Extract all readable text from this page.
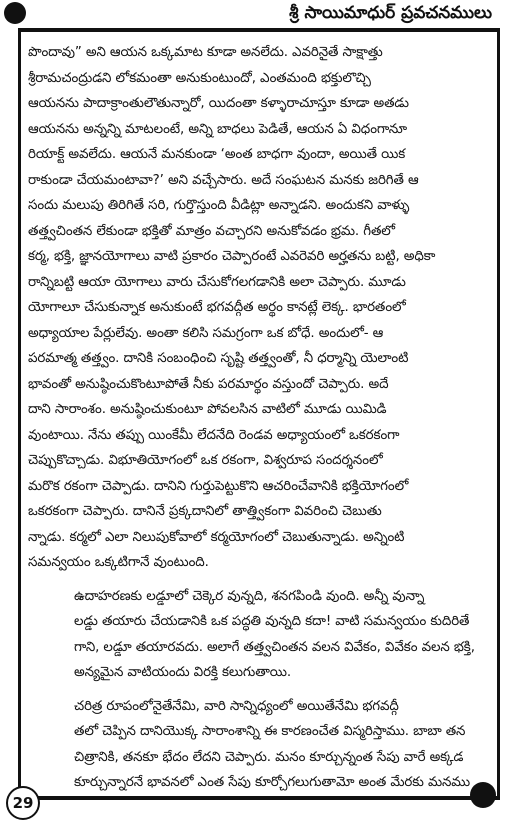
శ్రీ సాయిమాధుర్ ప్రవచనములు

పొందావు” అని ఆయన ఒక్కమాట కూడా అనలేదు. ఎవరినైతే సాక్షాత్తు
శ్రీరామచంద్రుడని లోకమంతా అనుకుంటుందో, ఎంతమంది భక్తులొచ్చి
ఆయనను పాదాక్రాంతులౌతున్నారో, యిదంతా కళ్ళారాచూస్తూ కూడా అతడు
ఆయనను అన్నన్ని మాటలంటే, అన్ని బాధలు పెడితే, ఆయన ఏ విధంగానూ
రియాక్ట్ అవలేదు. ఆయనే మనకుండా ‘అంత బాధగా వుందా, అయితే యిక
రాకుండా చేయమంటావా?’ అని వచ్చేసారు. అదే సంఘటన మనకు జరిగితే ఆ
సందు మలుపు తిరిగితే సరి, గుర్తొస్తుంది వీడిట్లా అన్నాడని. అందుకని వాళ్ళు
తత్త్వచింతన లేకుండా భక్తితో మాత్రం వచ్చారని అనుకోవడం భ్రమ. గీతలో
కర్మ, భక్తి, జ్ఞానయోగాలు వాటి ప్రకారం చెప్పారంటే ఎవరెవరి అర్హతను బట్టి, అధికా
రాన్నిబట్టి ఆయా యోగాలు వారు చేసుకోగలగడానికి అలా చెప్పారు. మూడు
యోగాలూ చేసుకున్నాక అనుకుంటే భగవద్గీత అర్థం కానట్లే లెక్క. భారతంలో
అధ్యాయాల పేర్లులేవు. అంతా కలిసి సమగ్రంగా ఒక బోధే. అందులో- ఆ
పరమాత్మ తత్త్వం. దానికి సంబంధించి సృష్టి తత్త్వంతో, నీ ధర్మాన్ని యెలాంటి
భావంతో అనుష్ఠించుకొంటూపోతే నీకు పరమార్థం వస్తుందో చెప్పారు. అదే
దాని సారాంశం. అనుష్ఠించుకుంటూ పోవలసిన వాటిలో మూడు యిమిడి
వుంటాయి. నేను తప్పు యింకేమీ లేదనేది రెండవ అధ్యాయంలో ఒకరకంగా
చెప్పుకొచ్చాడు. విభూతియోగంలో ఒక రకంగా, విశ్వరూప సందర్శనంలో
మరొక రకంగా చెప్పాడు. దానిని గుర్తుపెట్టుకొని ఆచరించేవానికి భక్తియోగంలో
ఒకరకంగా చెప్పారు. దానినే ప్రక్కదానిలో తాత్త్వికంగా వివరించి చెబుతు
న్నాడు. కర్మలో ఎలా నిలుపుకోవాలో కర్మయోగంలో చెబుతున్నాడు. అన్నింటి
సమన్వయం ఒక్కటిగానే వుంటుంది.

ఉదాహరణకు లడ్డూలో చెక్కెర వున్నది, శనగపిండి వుంది. అన్నీ వున్నా
లడ్డు తయారు చేయడానికి ఒక పద్ధతి వున్నది కదా! వాటి సమన్వయం కుదిరితే
గాని, లడ్డూ తయారవదు. అలాగే తత్త్వచింతన వలన వివేకం, వివేకం వలన భక్తి,
అన్యమైన వాటియందు విరక్తి కలుగుతాయి.

చరిత్ర రూపంలోనైతేనేమి, వారి సాన్నిధ్యంలో అయితేనేమి భగవద్గీ
తలో చెప్పిన దానియొక్క సారాంశాన్ని ఈ కారణంచేత విస్మరిస్తాము. బాబా తన
చిత్రానికి, తనకూ భేదం లేదని చెప్పారు. మనం కూర్చున్నంత సేపు వారే అక్కడ
కూర్చున్నారనే భావనలో ఎంత సేపు కూర్చోగలుగుతామో అంత మేరకు మనము

29
